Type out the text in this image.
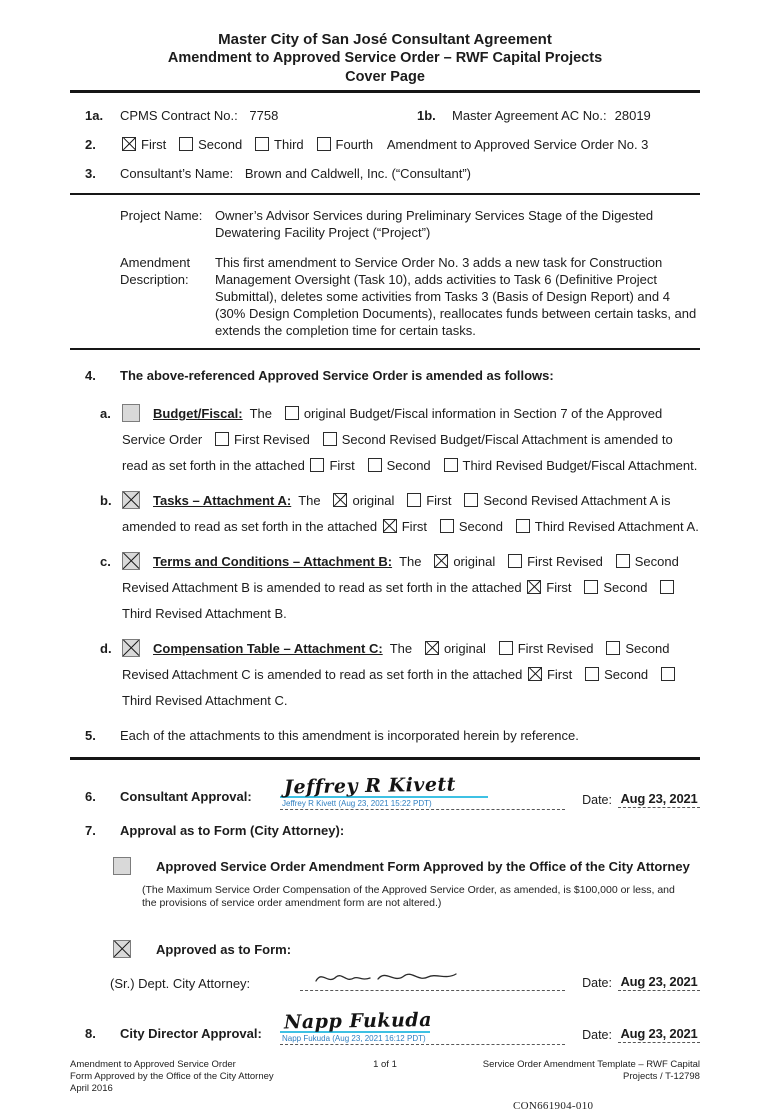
Master City of San José Consultant Agreement
Amendment to Approved Service Order – RWF Capital Projects
Cover Page
1a. CPMS Contract No.: 7758	1b. Master Agreement AC No.: 28019
2.	First   Second   Third   Fourth    Amendment to Approved Service Order No. 3
3. Consultant’s Name: Brown and Caldwell, Inc. (“Consultant”)
Project Name: Owner’s Advisor Services during Preliminary Services Stage of the Digested Dewatering Facility Project (“Project”)
Amendment Description:
This first amendment to Service Order No. 3 adds a new task for Construction Management Oversight (Task 10), adds activities to Task 6 (Definitive Project Submittal), deletes some activities from Tasks 3 (Basis of Design Report) and 4 (30% Design Completion Documents), reallocates funds between certain tasks, and extends the completion time for certain tasks.
4. The above-referenced Approved Service Order is amended as follows:
a.	Budget/Fiscal:  The   original Budget/Fiscal information in Section 7 of the Approved Service Order   First Revised   Second Revised Budget/Fiscal Attachment is amended to read as set forth in the attached First   Second   Third Revised Budget/Fiscal Attachment.
b.	Tasks – Attachment A:  The   original   First   Second Revised Attachment A is amended to read as set forth in the attached First   Second   Third Revised Attachment A.
c.	Terms and Conditions – Attachment B:  The   original   First Revised   Second Revised Attachment B is amended to read as set forth in the attached First   Second   Third Revised Attachment B.
d.	Compensation Table – Attachment C:  The   original   First Revised   Second Revised Attachment C is amended to read as set forth in the attached First   Second   Third Revised Attachment C.
5. Each of the attachments to this amendment is incorporated herein by reference.
6. Consultant Approval: Jeffrey R Kivett
Jeffrey R Kivett (Aug 23, 2021 15:22 PDT)	Date: Aug 23, 2021
7. Approval as to Form (City Attorney):
Approved Service Order Amendment Form Approved by the Office of the City Attorney
(The Maximum Service Order Compensation of the Approved Service Order, as amended, is $100,000 or less, and the provisions of service order amendment form are not altered.)
Approved as to Form:
(Sr.) Dept. City Attorney:	Date: Aug 23, 2021
8. City Director Approval:
Napp Fukuda
Napp Fukuda (Aug 23, 2021 16:12 PDT)	Date: Aug 23, 2021
Amendment to Approved Service Order
Form Approved by the Office of the City Attorney
April 2016
1 of 1	Service Order Amendment Template – RWF Capital
Projects / T-12798
CON661904-010
